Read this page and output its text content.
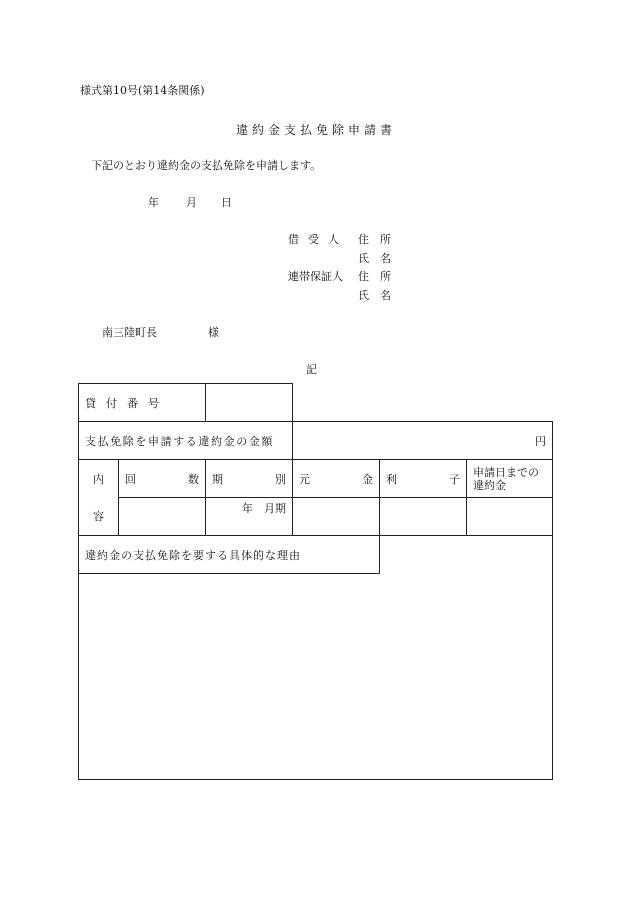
様式第10号(第14条関係)
違約金支払免除申請書
下記のとおり違約金の支払免除を申請します。
年 月 日
借受人 住　所
氏　名
連帯保証人 住　所
氏　名
南三陸町長	様
記
貸付番号					
支払免除を申請する違約金の金額			円		
内	回 数	期 別	元 金	利 子	申請日までの違約金
容		年　月期			
違約金の支払免除を要する具体的な理由					
